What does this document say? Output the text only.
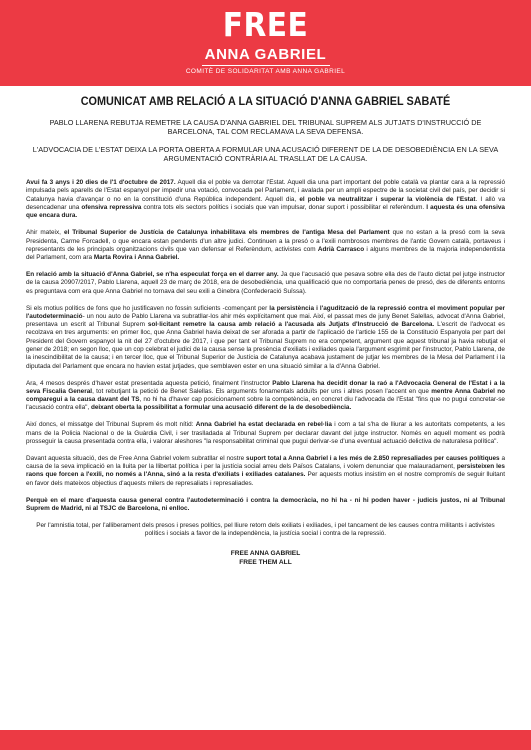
FREE
ANNA GABRIEL
COMITÈ DE SOLIDARITAT AMB ANNA GABRIEL
COMUNICAT AMB RELACIÓ A LA SITUACIÓ D'ANNA GABRIEL SABATÉ
PABLO LLARENA REBUTJA REMETRE LA CAUSA D'ANNA GABRIEL DEL TRIBUNAL SUPREM ALS JUTJATS D'INSTRUCCIÓ DE BARCELONA, TAL COM RECLAMAVA LA SEVA DEFENSA.
L'ADVOCACIA DE L'ESTAT DEIXA LA PORTA OBERTA A FORMULAR UNA ACUSACIÓ DIFERENT DE LA DE DESOBEDIÈNCIA EN LA SEVA ARGUMENTACIÓ CONTRÀRIA AL TRASLLAT DE LA CAUSA.

Avui fa 3 anys i 20 dies de l'1 d'octubre de 2017. Aquell dia el poble va derrotar l'Estat. Aquell dia una part important del poble català va plantar cara a la repressió impulsada pels aparells de l'Estat espanyol per impedir una votació, convocada pel Parlament, i avalada per un ampli espectre de la societat civil del país, per decidir si Catalunya havia d'avançar o no en la constitució d'una República independent. Aquell dia, el poble va neutralitzar i superar la violència de l'Estat. I allò va desencadenar una ofensiva repressiva contra tots els sectors polítics i socials que van impulsar, donar suport i possibilitar el referèndum. I aquesta és una ofensiva que encara dura.

Ahir mateix, el Tribunal Superior de Justícia de Catalunya inhabilitava els membres de l'antiga Mesa del Parlament que no estan a la presó com la seva Presidenta, Carme Forcadell, o que encara estan pendents d'un altre judici. Continuen a la presó o a l'exili nombrosos membres de l'antic Govern català, portaveus i representants de les principals organitzacions civils que van defensar el Referèndum, activistes com Adrià Carrasco i alguns membres de la majoria independentista del Parlament, com ara Marta Rovira i Anna Gabriel.

En relació amb la situació d'Anna Gabriel, se n'ha especulat força en el darrer any. Ja que l'acusació que pesava sobre ella des de l'auto dictat pel jutge instructor de la causa 20907/2017, Pablo Llarena, aquell 23 de març de 2018, era de desobediència, una qualificació que no comportaria penes de presó, des de diferents entorns es preguntava com era que Anna Gabriel no tornava del seu exili a Ginebra (Confederació Suïssa).

Si els motius polítics de fons que ho justificaven no fossin suficients -començant per la persistència i l'agudització de la repressió contra el moviment popular per l'autodeterminació- un nou auto de Pablo Llarena va subratllar-los ahir més explícitament que mai. Així, el passat mes de juny Benet Salellas, advocat d'Anna Gabriel, presentava un escrit al Tribunal Suprem sol·licitant remetre la causa amb relació a l'acusada als Jutjats d'Instrucció de Barcelona. L'escrit de l'advocat es recolzava en tres arguments: en primer lloc, que Anna Gabriel havia deixat de ser aforada a partir de l'aplicació de l'article 155 de la Constitució Espanyola per part del President del Govern espanyol la nit del 27 d'octubre de 2017, i que per tant el Tribunal Suprem no era competent, argument que aquest tribunal ja havia rebutjat el gener de 2018; en segon lloc, que un cop celebrat el judici de la causa sense la presència d'exiliats i exiliades queia l'argument esgrimit per l'instructor, Pablo Llarena, de la inescindibilitat de la causa; i en tercer lloc, que el Tribunal Superior de Justícia de Catalunya acabava justament de jutjar les membres de la Mesa del Parlament i la diputada del Parlament que encara no havien estat jutjades, que semblaven ester en una situació similar a la d'Anna Gabriel.

Ara, 4 mesos després d'haver estat presentada aquesta petició, finalment l'instructor Pablo Llarena ha decidit donar la raó a l'Advocacia General de l'Estat i a la seva Fiscalia General, tot rebutjant la petició de Benet Salellas. Els arguments fonamentals adduïts per uns i altres posen l'accent en que mentre Anna Gabriel no comparegui a la causa davant del TS, no hi ha d'haver cap posicionament sobre la competència, en concret diu l'advocada de l'Estat "fins que no pugui concretar-se l'acusació contra ella", deixant oberta la possibilitat a formular una acusació diferent de la de desobediència.

Així doncs, el missatge del Tribunal Suprem és molt nítid: Anna Gabriel ha estat declarada en rebel·lia i com a tal s'ha de lliurar a les autoritats competents, a les mans de la Policia Nacional o de la Guàrdia Civil, i ser traslladada al Tribunal Suprem per declarar davant del jutge instructor. Només en aquell moment es podrà prosseguir la causa presentada contra ella, i valorar aleshores "la responsabilitat criminal que pugui derivar-se d'una eventual actuació delictiva de naturalesa política".

Davant aquesta situació, des de Free Anna Gabriel volem subratllar el nostre suport total a Anna Gabriel i a les més de 2.850 represaliades per causes polítiques a causa de la seva implicació en la lluita per la llibertat política i per la justícia social arreu dels Països Catalans, i volem denunciar que malauradament, persisteixen les raons que forcen a l'exili, no només a l'Anna, sinó a la resta d'exiliats i exiliades catalanes. Per aquests motius insistim en el nostre compromís de seguir lluitant en favor dels mateixos objectius d'aquests milers de represaliats i represaliades.

Perquè en el marc d'aquesta causa general contra l'autodeterminació i contra la democràcia, no hi ha - ni hi poden haver - judicis justos, ni al Tribunal Suprem de Madrid, ni al TSJC de Barcelona, ni enlloc.

Per l'amnistia total, per l'alliberament dels presos i preses polítics, pel lliure retorn dels exiliats i exiliades, i pel tancament de les causes contra militants i activistes polítics i socials a favor de la independència, la justícia social i contra de la repressió.

FREE ANNA GABRIEL
FREE THEM ALL
